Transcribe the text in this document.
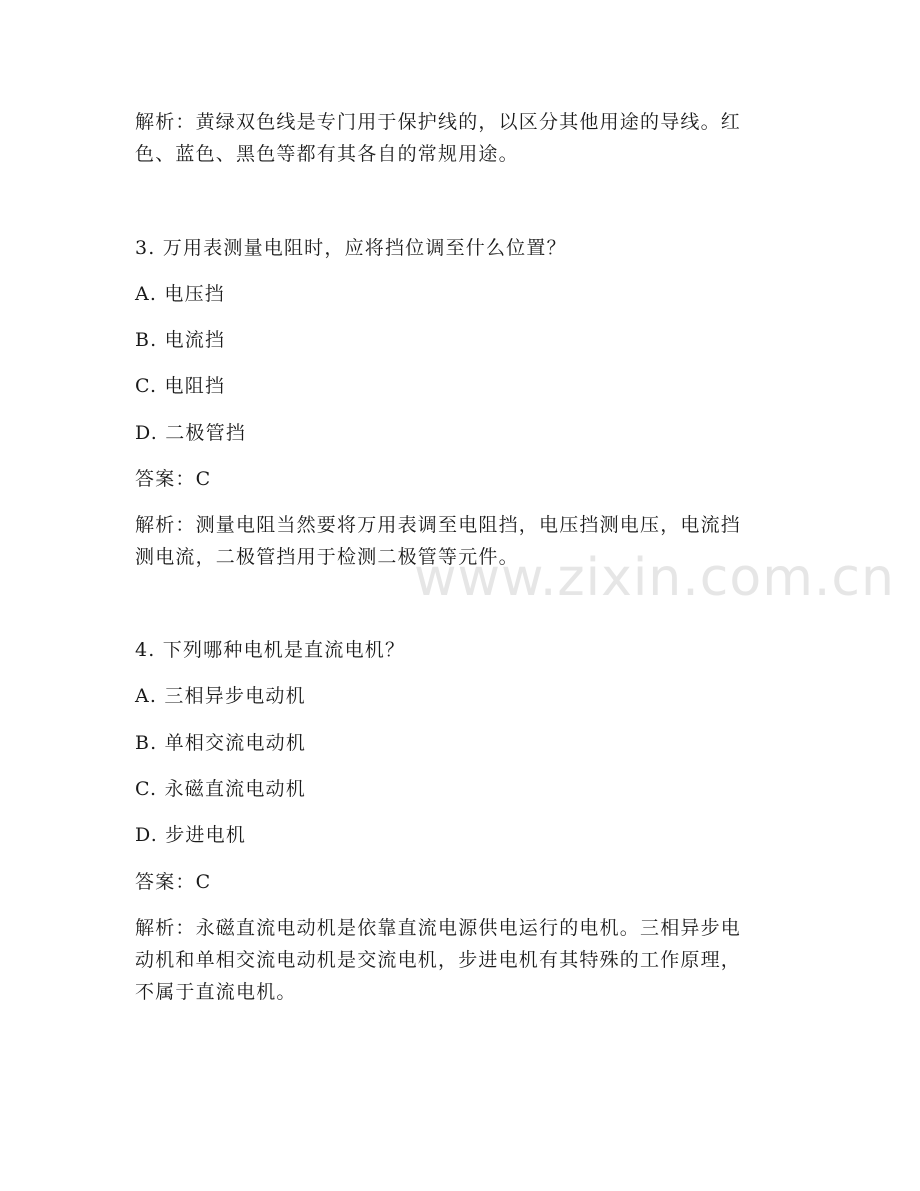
www.zixin.com.cn
解析：黄绿双色线是专门用于保护线的，以区分其他用途的导线。红
色、蓝色、黑色等都有其各自的常规用途。
3. 万用表测量电阻时，应将挡位调至什么位置？
A. 电压挡
B. 电流挡
C. 电阻挡
D. 二极管挡
答案：C
解析：测量电阻当然要将万用表调至电阻挡，电压挡测电压，电流挡
测电流，二极管挡用于检测二极管等元件。
4. 下列哪种电机是直流电机？
A. 三相异步电动机
B. 单相交流电动机
C. 永磁直流电动机
D. 步进电机
答案：C
解析：永磁直流电动机是依靠直流电源供电运行的电机。三相异步电
动机和单相交流电动机是交流电机，步进电机有其特殊的工作原理，
不属于直流电机。
